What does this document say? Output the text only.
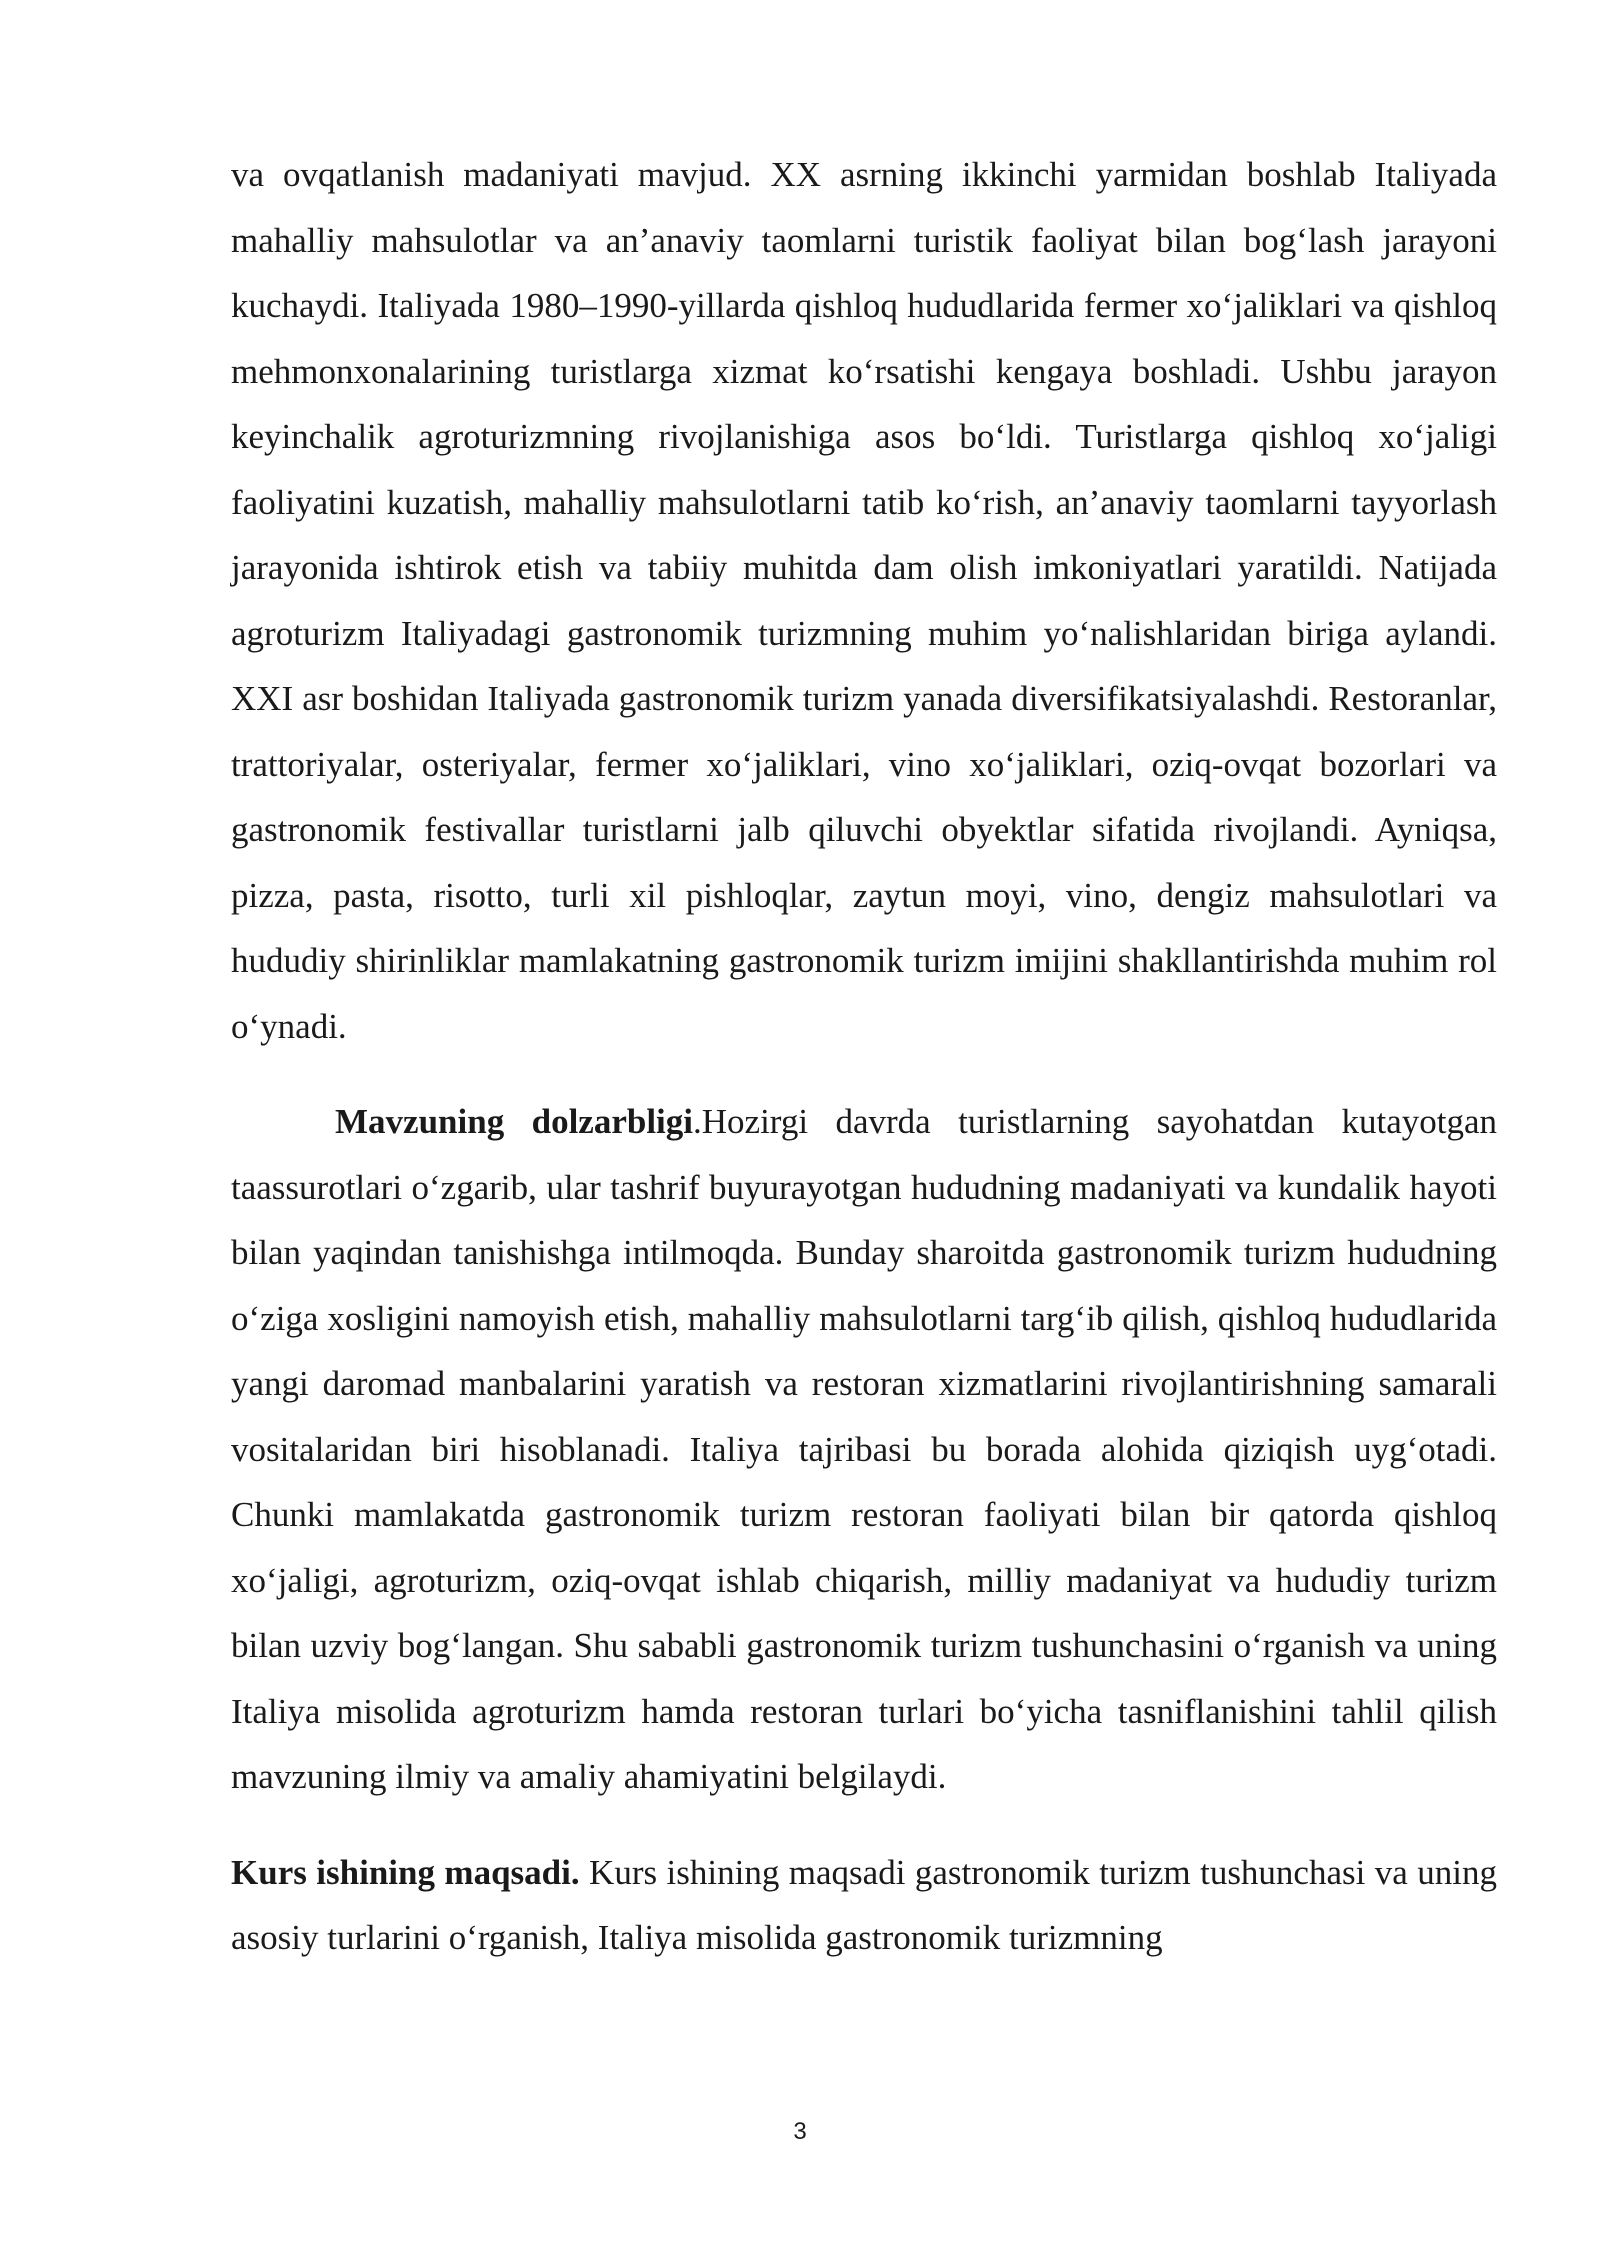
va ovqatlanish madaniyati mavjud. XX asrning ikkinchi yarmidan boshlab Italiyada mahalliy mahsulotlar va an’anaviy taomlarni turistik faoliyat bilan bog‘lash jarayoni kuchaydi. Italiyada 1980–1990-yillarda qishloq hududlarida fermer xo‘jaliklari va qishloq mehmonxonalarining turistlarga xizmat ko‘rsatishi kengaya boshladi. Ushbu jarayon keyinchalik agroturizmning rivojlanishiga asos bo‘ldi. Turistlarga qishloq xo‘jaligi faoliyatini kuzatish, mahalliy mahsulotlarni tatib ko‘rish, an’anaviy taomlarni tayyorlash jarayonida ishtirok etish va tabiiy muhitda dam olish imkoniyatlari yaratildi. Natijada agroturizm Italiyadagi gastronomik turizmning muhim yo‘nalishlaridan biriga aylandi. XXI asr boshidan Italiyada gastronomik turizm yanada diversifikatsiyalashdi. Restoranlar, trattoriyalar, osteriyalar, fermer xo‘jaliklari, vino xo‘jaliklari, oziq-ovqat bozorlari va gastronomik festivallar turistlarni jalb qiluvchi obyektlar sifatida rivojlandi. Ayniqsa, pizza, pasta, risotto, turli xil pishloqlar, zaytun moyi, vino, dengiz mahsulotlari va hududiy shirinliklar mamlakatning gastronomik turizm imijini shakllantirishda muhim rol o‘ynadi.

Mavzuning dolzarbligi.Hozirgi davrda turistlarning sayohatdan kutayotgan taassurotlari o‘zgarib, ular tashrif buyurayotgan hududning madaniyati va kundalik hayoti bilan yaqindan tanishishga intilmoqda. Bunday sharoitda gastronomik turizm hududning o‘ziga xosligini namoyish etish, mahalliy mahsulotlarni targ‘ib qilish, qishloq hududlarida yangi daromad manbalarini yaratish va restoran xizmatlarini rivojlantirishning samarali vositalaridan biri hisoblanadi. Italiya tajribasi bu borada alohida qiziqish uyg‘otadi. Chunki mamlakatda gastronomik turizm restoran faoliyati bilan bir qatorda qishloq xo‘jaligi, agroturizm, oziq-ovqat ishlab chiqarish, milliy madaniyat va hududiy turizm bilan uzviy bog‘langan. Shu sababli gastronomik turizm tushunchasini o‘rganish va uning Italiya misolida agroturizm hamda restoran turlari bo‘yicha tasniflanishini tahlil qilish mavzuning ilmiy va amaliy ahamiyatini belgilaydi.

Kurs ishining maqsadi. Kurs ishining maqsadi gastronomik turizm tushunchasi va uning asosiy turlarini o‘rganish, Italiya misolida gastronomik turizmning

3
